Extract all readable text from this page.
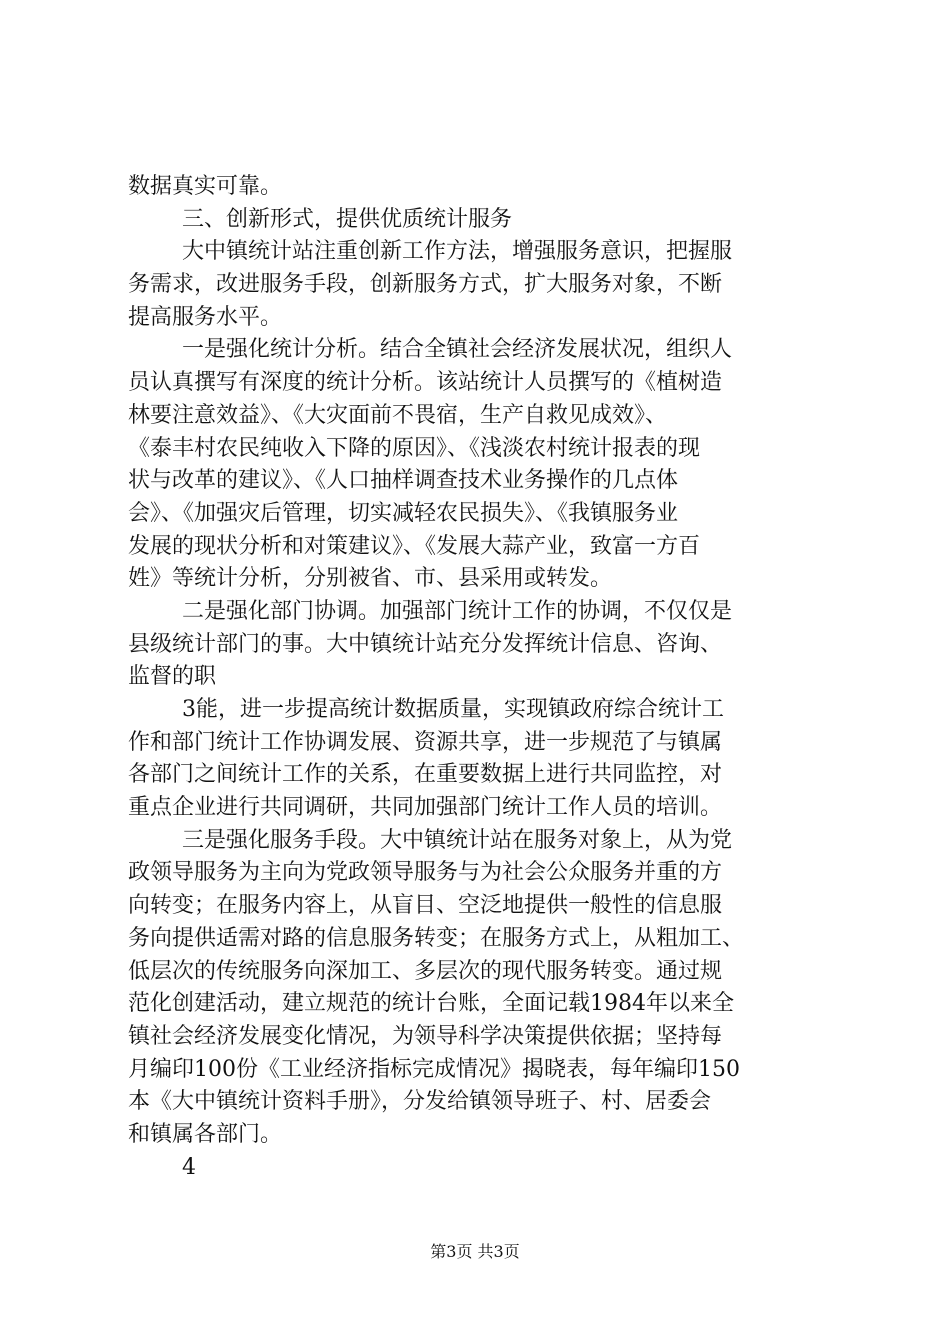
数据真实可靠。
三、创新形式，提供优质统计服务
大中镇统计站注重创新工作方法，增强服务意识，把握服
务需求，改进服务手段，创新服务方式，扩大服务对象，不断
提高服务水平。
一是强化统计分析。结合全镇社会经济发展状况，组织人
员认真撰写有深度的统计分析。该站统计人员撰写的《植树造
林要注意效益》、《大灾面前不畏宿，生产自救见成效》、
《泰丰村农民纯收入下降的原因》、《浅淡农村统计报表的现
状与改革的建议》、《人口抽样调查技术业务操作的几点体
会》、《加强灾后管理，切实减轻农民损失》、《我镇服务业
发展的现状分析和对策建议》、《发展大蒜产业，致富一方百
姓》等统计分析，分别被省、市、县采用或转发。
二是强化部门协调。加强部门统计工作的协调，不仅仅是
县级统计部门的事。大中镇统计站充分发挥统计信息、咨询、
监督的职
3能，进一步提高统计数据质量，实现镇政府综合统计工
作和部门统计工作协调发展、资源共享，进一步规范了与镇属
各部门之间统计工作的关系，在重要数据上进行共同监控，对
重点企业进行共同调研，共同加强部门统计工作人员的培训。
三是强化服务手段。大中镇统计站在服务对象上，从为党
政领导服务为主向为党政领导服务与为社会公众服务并重的方
向转变；在服务内容上，从盲目、空泛地提供一般性的信息服
务向提供适需对路的信息服务转变；在服务方式上，从粗加工、
低层次的传统服务向深加工、多层次的现代服务转变。通过规
范化创建活动，建立规范的统计台账，全面记载1984年以来全
镇社会经济发展变化情况，为领导科学决策提供依据；坚持每
月编印100份《工业经济指标完成情况》揭晓表，每年编印150
本《大中镇统计资料手册》，分发给镇领导班子、村、居委会
和镇属各部门。
4
第3页 共3页
